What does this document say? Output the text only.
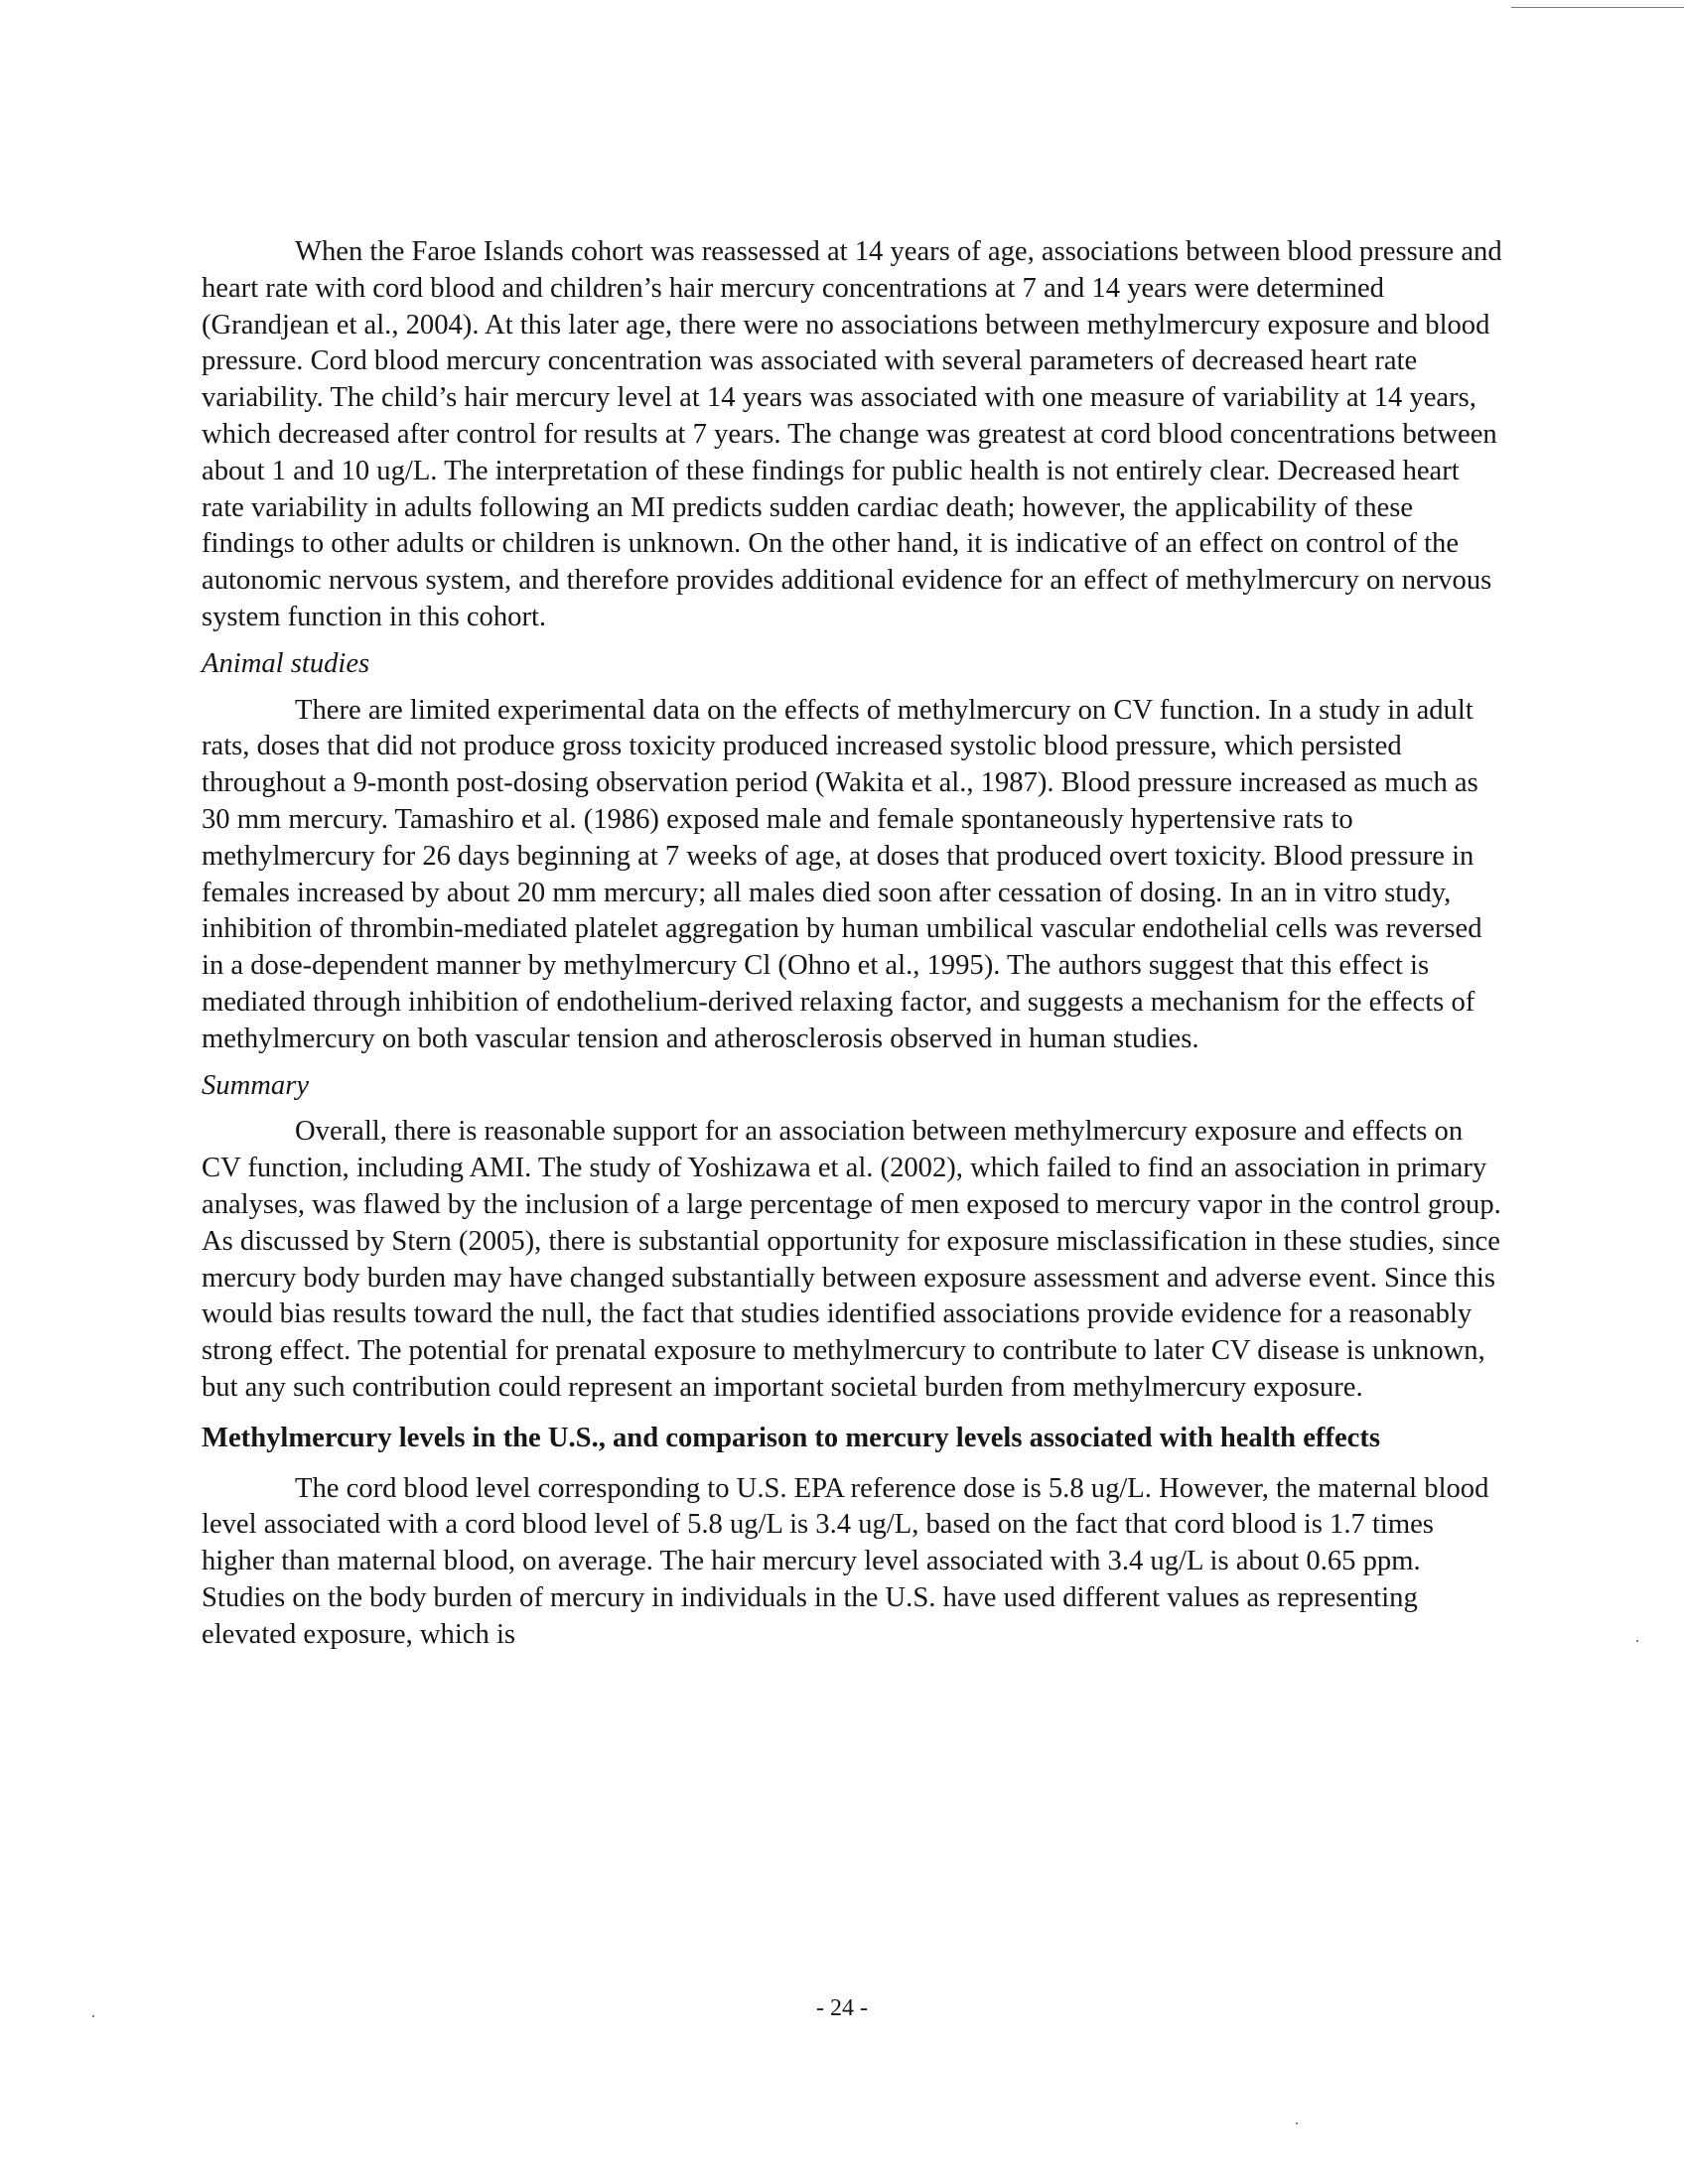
When the Faroe Islands cohort was reassessed at 14 years of age, associations between blood pressure and heart rate with cord blood and children’s hair mercury concentrations at 7 and 14 years were determined (Grandjean et al., 2004). At this later age, there were no associations between methylmercury exposure and blood pressure. Cord blood mercury concentration was associated with several parameters of decreased heart rate variability. The child’s hair mercury level at 14 years was associated with one measure of variability at 14 years, which decreased after control for results at 7 years. The change was greatest at cord blood concentrations between about 1 and 10 ug/L. The interpretation of these findings for public health is not entirely clear. Decreased heart rate variability in adults following an MI predicts sudden cardiac death; however, the applicability of these findings to other adults or children is unknown. On the other hand, it is indicative of an effect on control of the autonomic nervous system, and therefore provides additional evidence for an effect of methylmercury on nervous system function in this cohort.

Animal studies

There are limited experimental data on the effects of methylmercury on CV function. In a study in adult rats, doses that did not produce gross toxicity produced increased systolic blood pressure, which persisted throughout a 9-month post-dosing observation period (Wakita et al., 1987). Blood pressure increased as much as 30 mm mercury. Tamashiro et al. (1986) exposed male and female spontaneously hypertensive rats to methylmercury for 26 days beginning at 7 weeks of age, at doses that produced overt toxicity. Blood pressure in females increased by about 20 mm mercury; all males died soon after cessation of dosing. In an in vitro study, inhibition of thrombin-mediated platelet aggregation by human umbilical vascular endothelial cells was reversed in a dose-dependent manner by methylmercury Cl (Ohno et al., 1995). The authors suggest that this effect is mediated through inhibition of endothelium-derived relaxing factor, and suggests a mechanism for the effects of methylmercury on both vascular tension and atherosclerosis observed in human studies.

Summary

Overall, there is reasonable support for an association between methylmercury exposure and effects on CV function, including AMI. The study of Yoshizawa et al. (2002), which failed to find an association in primary analyses, was flawed by the inclusion of a large percentage of men exposed to mercury vapor in the control group. As discussed by Stern (2005), there is substantial opportunity for exposure misclassification in these studies, since mercury body burden may have changed substantially between exposure assessment and adverse event. Since this would bias results toward the null, the fact that studies identified associations provide evidence for a reasonably strong effect. The potential for prenatal exposure to methylmercury to contribute to later CV disease is unknown, but any such contribution could represent an important societal burden from methylmercury exposure.

Methylmercury levels in the U.S., and comparison to mercury levels associated with health effects

The cord blood level corresponding to U.S. EPA reference dose is 5.8 ug/L. However, the maternal blood level associated with a cord blood level of 5.8 ug/L is 3.4 ug/L, based on the fact that cord blood is 1.7 times higher than maternal blood, on average. The hair mercury level associated with 3.4 ug/L is about 0.65 ppm. Studies on the body burden of mercury in individuals in the U.S. have used different values as representing elevated exposure, which is

- 24 -
